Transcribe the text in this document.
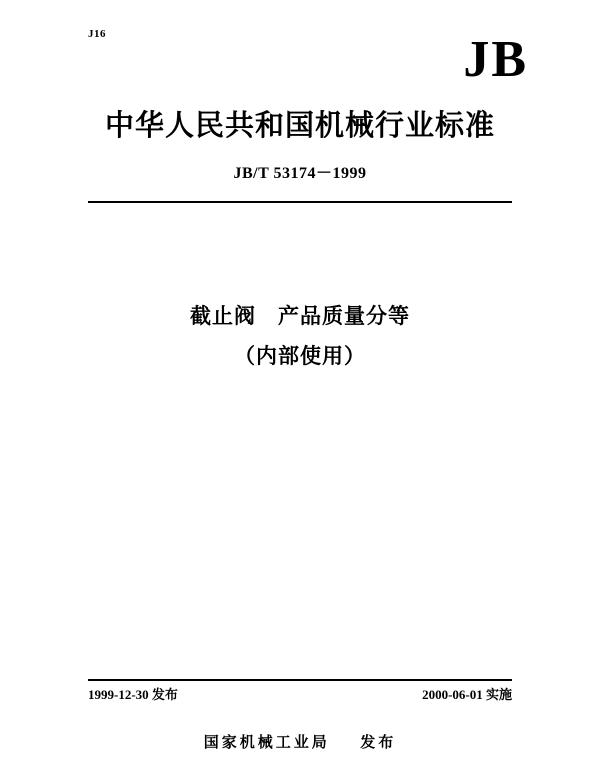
J16	JB
中华人民共和国机械行业标准
JB/T 53174－1999
截止阀　产品质量分等
（内部使用）
1999-12-30 发布	2000-06-01 实施
国家机械工业局 发布
